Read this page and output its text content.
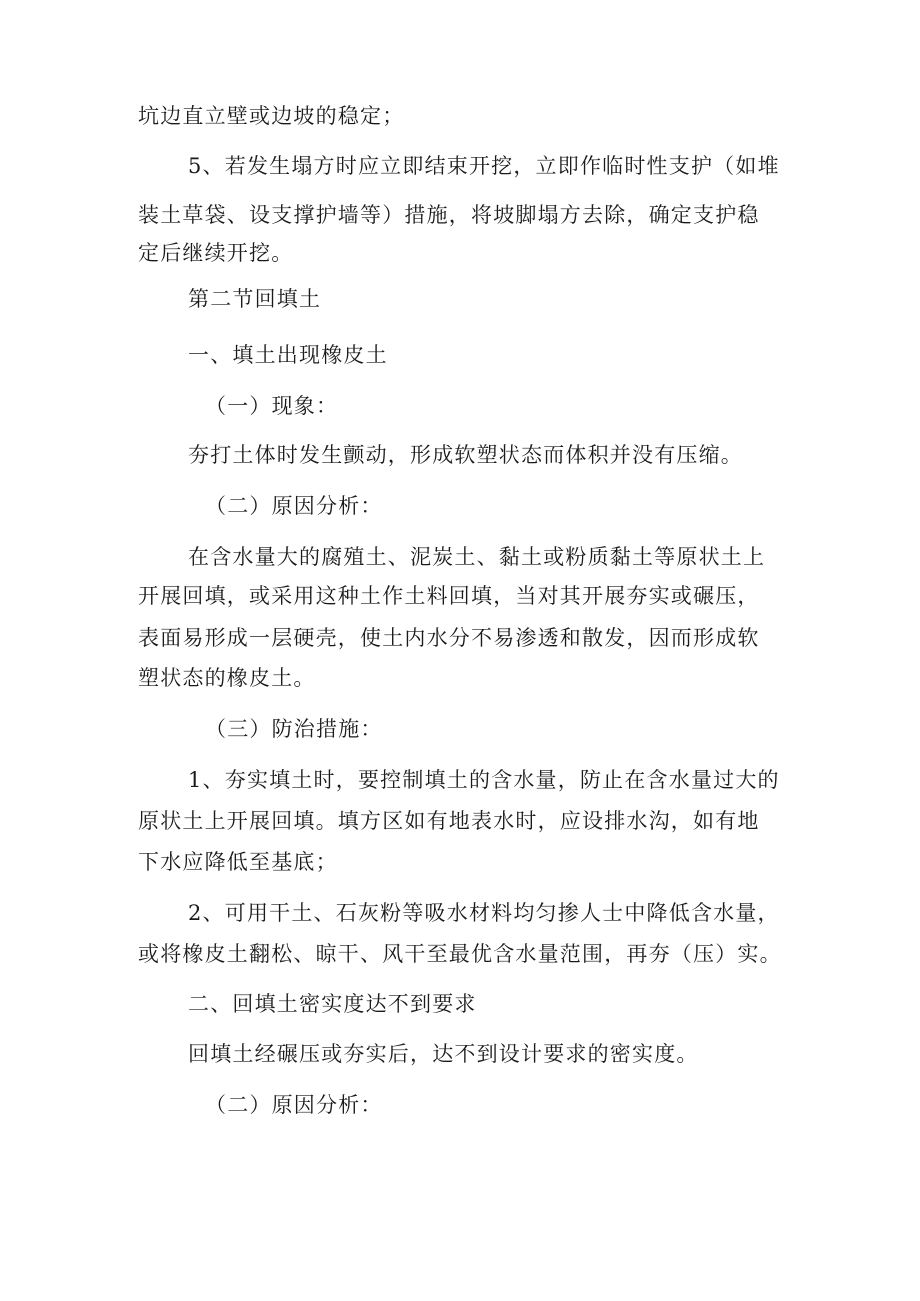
坑边直立壁或边坡的稳定；
5、若发生塌方时应立即结束开挖，立即作临时性支护（如堆
装土草袋、设支撑护墙等）措施，将坡脚塌方去除，确定支护稳
定后继续开挖。
第二节回填土
一、填土出现橡皮土
（一）现象：
夯打土体时发生颤动，形成软塑状态而体积并没有压缩。
（二）原因分析：
在含水量大的腐殖土、泥炭土、黏土或粉质黏土等原状土上
开展回填，或采用这种土作土料回填，当对其开展夯实或碾压，
表面易形成一层硬壳，使土内水分不易渗透和散发，因而形成软
塑状态的橡皮土。
（三）防治措施：
1、夯实填土时，要控制填土的含水量，防止在含水量过大的
原状土上开展回填。填方区如有地表水时，应设排水沟，如有地
下水应降低至基底；
2、可用干土、石灰粉等吸水材料均匀掺人士中降低含水量，
或将橡皮土翻松、晾干、风干至最优含水量范围，再夯（压）实。
二、回填土密实度达不到要求
回填土经碾压或夯实后，达不到设计要求的密实度。
（二）原因分析：
